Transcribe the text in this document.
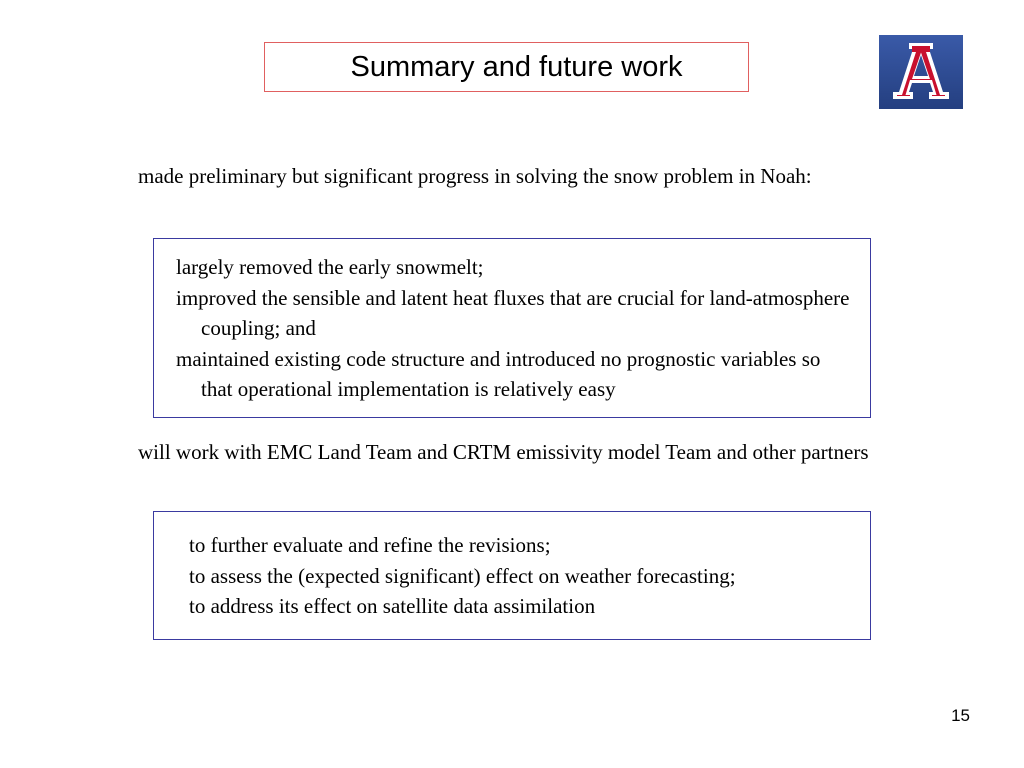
Summary and future work

made preliminary but significant progress in solving the snow problem in Noah:

largely removed the early snowmelt;
improved the sensible and latent heat fluxes that are crucial for land-atmosphere coupling; and
maintained existing code structure and introduced no prognostic variables so that operational implementation is relatively easy

will work with EMC Land Team and CRTM emissivity model Team and other partners

to further evaluate and refine the revisions;
to assess the (expected significant) effect on weather forecasting;
to address its effect on satellite data assimilation
15
